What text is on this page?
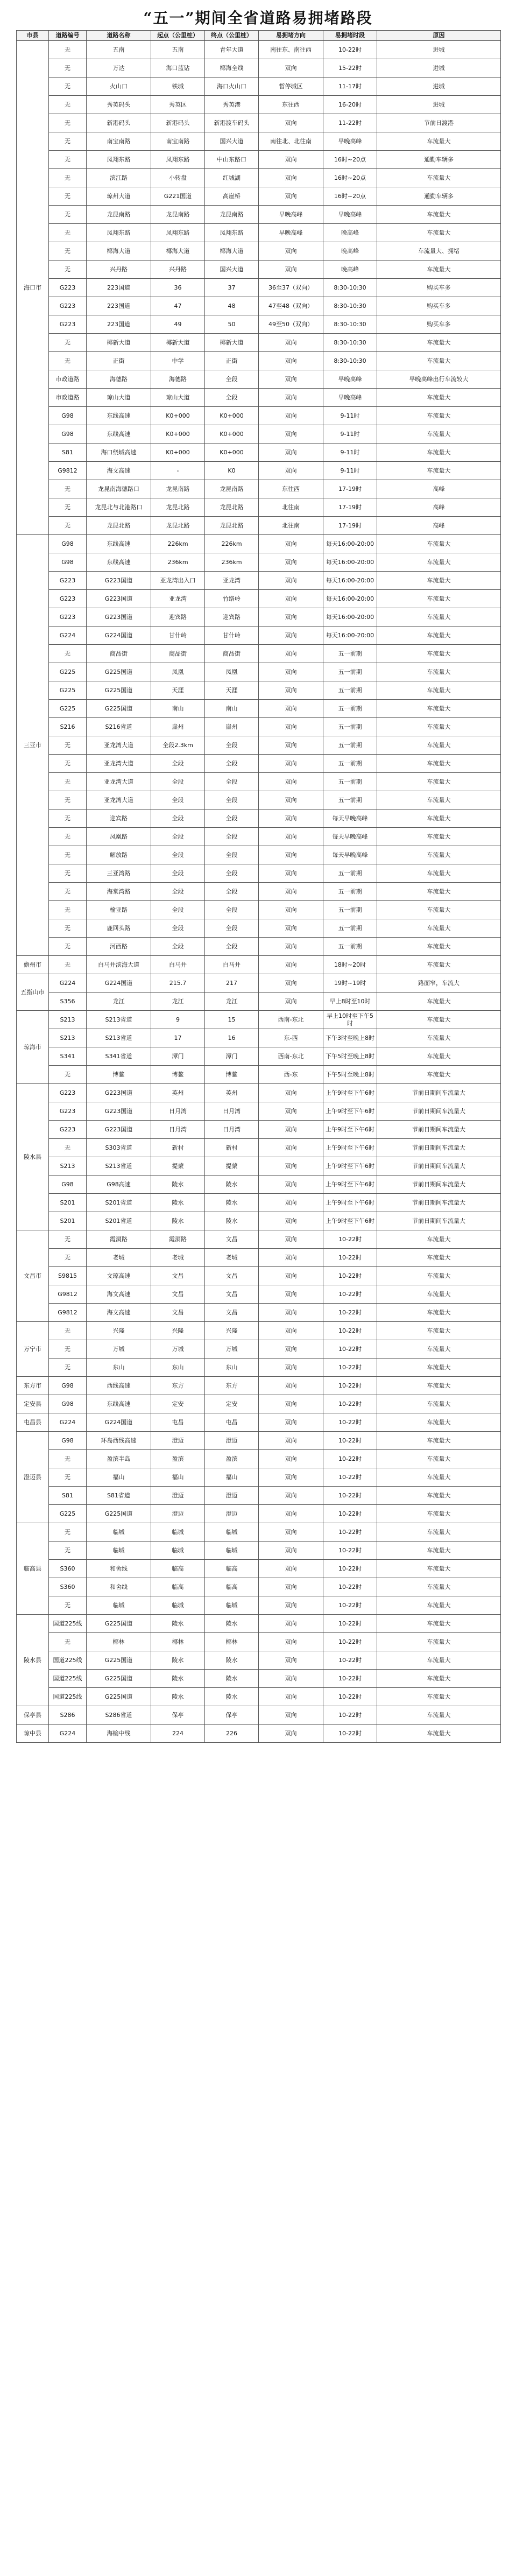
“五一”期间全省道路易拥堵路段
市县	道路编号	道路名称	起点（公里桩）	终点（公里桩）	易拥堵方向	易拥堵时段	原因
海口市	无	五南	五南	青年大道	南往东、南往西	10-22时	进城
	无	万达	海口蓝钻	椰海全线	双向	15-22时	进城
	无	火山口	铁城	海口火山口	暂停城区	11-17时	进城
	无	秀英码头	秀英区	秀英港	东往西	16-20时	进城
	无	新港码头	新港码头	新港渡车码头	双向	11-22时	节前日渡港
	无	南宝南路	南宝南路	国兴大道	南往北、北往南	早晚高峰	车流量大
	无	凤翔东路	凤翔东路	中山东路口	双向	16时~20点	通勤车辆多
	无	滨江路	小转盘	红城湖	双向	16时~20点	车流量大
	无	琼州大道	G221国道	高崖桥	双向	16时~20点	通勤车辆多
	无	龙昆南路	龙昆南路	龙昆南路	早晚高峰	早晚高峰	车流量大
	无	凤翔东路	凤翔东路	凤翔东路	早晚高峰	晚高峰	车流量大
	无	椰海大道	椰海大道	椰海大道	双向	晚高峰	车流量大、拥堵
	无	兴丹路	兴丹路	国兴大道	双向	晚高峰	车流量大
	G223	223国道	36	37	36至37（双向）	8:30-10:30	购买车多
	G223	223国道	47	48	47至48（双向）	8:30-10:30	购买车多
	G223	223国道	49	50	49至50（双向）	8:30-10:30	购买车多
	无	椰新大道	椰新大道	椰新大道	双向	8:30-10:30	车流量大
	无	正街	中学	正街	双向	8:30-10:30	车流量大
	市政道路	海德路	海德路	全段	双向	早晚高峰	早晚高峰出行车流较大
	市政道路	琼山大道	琼山大道	全段	双向	早晚高峰	车流量大
	G98	东线高速	K0+000	K0+000	双向	9-11时	车流量大
	G98	东线高速	K0+000	K0+000	双向	9-11时	车流量大
	S81	海口绕城高速	K0+000	K0+000	双向	9-11时	车流量大
	G9812	海文高速	-	K0	双向	9-11时	车流量大
	无	龙昆南海德路口	龙昆南路	龙昆南路	东往西	17-19时	高峰
	无	龙昆北与北港路口	龙昆北路	龙昆北路	北往南	17-19时	高峰
	无	龙昆北路	龙昆北路	龙昆北路	北往南	17-19时	高峰
三亚市	G98	东线高速	226km	226km	双向	每天16:00-20:00	车流量大
	G98	东线高速	236km	236km	双向	每天16:00-20:00	车流量大
	G223	G223国道	亚龙湾出入口	亚龙湾	双向	每天16:00-20:00	车流量大
	G223	G223国道	亚龙湾	竹络岭	双向	每天16:00-20:00	车流量大
	G223	G223国道	迎宾路	迎宾路	双向	每天16:00-20:00	车流量大
	G224	G224国道	甘什岭	甘什岭	双向	每天16:00-20:00	车流量大
	无	商品街	商品街	商品街	双向	五一前期	车流量大
	G225	G225国道	凤凰	凤凰	双向	五一前期	车流量大
	G225	G225国道	天涯	天涯	双向	五一前期	车流量大
	G225	G225国道	南山	南山	双向	五一前期	车流量大
	S216	S216省道	崖州	崖州	双向	五一前期	车流量大
	无	亚龙湾大道	全段2.3km	全段	双向	五一前期	车流量大
	无	亚龙湾大道	全段	全段	双向	五一前期	车流量大
	无	亚龙湾大道	全段	全段	双向	五一前期	车流量大
	无	亚龙湾大道	全段	全段	双向	五一前期	车流量大
	无	迎宾路	全段	全段	双向	每天早晚高峰	车流量大
	无	凤凰路	全段	全段	双向	每天早晚高峰	车流量大
	无	解放路	全段	全段	双向	每天早晚高峰	车流量大
	无	三亚湾路	全段	全段	双向	五一前期	车流量大
	无	海棠湾路	全段	全段	双向	五一前期	车流量大
	无	榆亚路	全段	全段	双向	五一前期	车流量大
	无	鹿回头路	全段	全段	双向	五一前期	车流量大
	无	河西路	全段	全段	双向	五一前期	车流量大
儋州市	无	白马井滨海大道	白马井	白马井	双向	18时~20时	车流量大
五指山市	G224	G224国道	215.7	217	双向	19时~19时	路面窄，车流大
	S356	龙江	龙江	龙江	双向	早上8时至10时	车流量大
琼海市	S213	S213省道	9	15	西南-东北	早上10时至下午5时	车流量大
	S213	S213省道	17	16	东-西	下午3时至晚上8时	车流量大
	S341	S341省道	潭门	潭门	西南-东北	下午5时至晚上8时	车流量大
	无	博鳌	博鳌	博鳌	西-东	下午5时至晚上8时	车流量大
陵水县	G223	G223国道	英州	英州	双向	上午9时至下午6时	节前日期间车流量大
	G223	G223国道	日月湾	日月湾	双向	上午9时至下午6时	节前日期间车流量大
	G223	G223国道	日月湾	日月湾	双向	上午9时至下午6时	节前日期间车流量大
	无	S303省道	新村	新村	双向	上午9时至下午6时	节前日期间车流量大
	S213	S213省道	提蒙	提蒙	双向	上午9时至下午6时	节前日期间车流量大
	G98	G98高速	陵水	陵水	双向	上午9时至下午6时	节前日期间车流量大
	S201	S201省道	陵水	陵水	双向	上午9时至下午6时	节前日期间车流量大
	S201	S201省道	陵水	陵水	双向	上午9时至下午6时	节前日期间车流量大
文昌市	无	霞洞路	霞洞路	文昌	双向	10-22时	车流量大
	无	老城	老城	老城	双向	10-22时	车流量大
	S9815	文琼高速	文昌	文昌	双向	10-22时	车流量大
	G9812	海文高速	文昌	文昌	双向	10-22时	车流量大
	G9812	海文高速	文昌	文昌	双向	10-22时	车流量大
万宁市	无	兴隆	兴隆	兴隆	双向	10-22时	车流量大
	无	万城	万城	万城	双向	10-22时	车流量大
	无	东山	东山	东山	双向	10-22时	车流量大
东方市	G98	西线高速	东方	东方	双向	10-22时	车流量大
定安县	G98	东线高速	定安	定安	双向	10-22时	车流量大
屯昌县	G224	G224国道	屯昌	屯昌	双向	10-22时	车流量大
澄迈县	G98	环岛西线高速	澄迈	澄迈	双向	10-22时	车流量大
	无	盈滨半岛	盈滨	盈滨	双向	10-22时	车流量大
	无	福山	福山	福山	双向	10-22时	车流量大
	S81	S81省道	澄迈	澄迈	双向	10-22时	车流量大
	G225	G225国道	澄迈	澄迈	双向	10-22时	车流量大
临高县	无	临城	临城	临城	双向	10-22时	车流量大
	无	临城	临城	临城	双向	10-22时	车流量大
	S360	和舍线	临高	临高	双向	10-22时	车流量大
	S360	和舍线	临高	临高	双向	10-22时	车流量大
	无	临城	临城	临城	双向	10-22时	车流量大
陵水县	国道225线	G225国道	陵水	陵水	双向	10-22时	车流量大
	无	椰林	椰林	椰林	双向	10-22时	车流量大
	国道225线	G225国道	陵水	陵水	双向	10-22时	车流量大
	国道225线	G225国道	陵水	陵水	双向	10-22时	车流量大
	国道225线	G225国道	陵水	陵水	双向	10-22时	车流量大
保亭县	S286	S286省道	保亭	保亭	双向	10-22时	车流量大
琼中县	G224	海榆中线	224	226	双向	10-22时	车流量大
